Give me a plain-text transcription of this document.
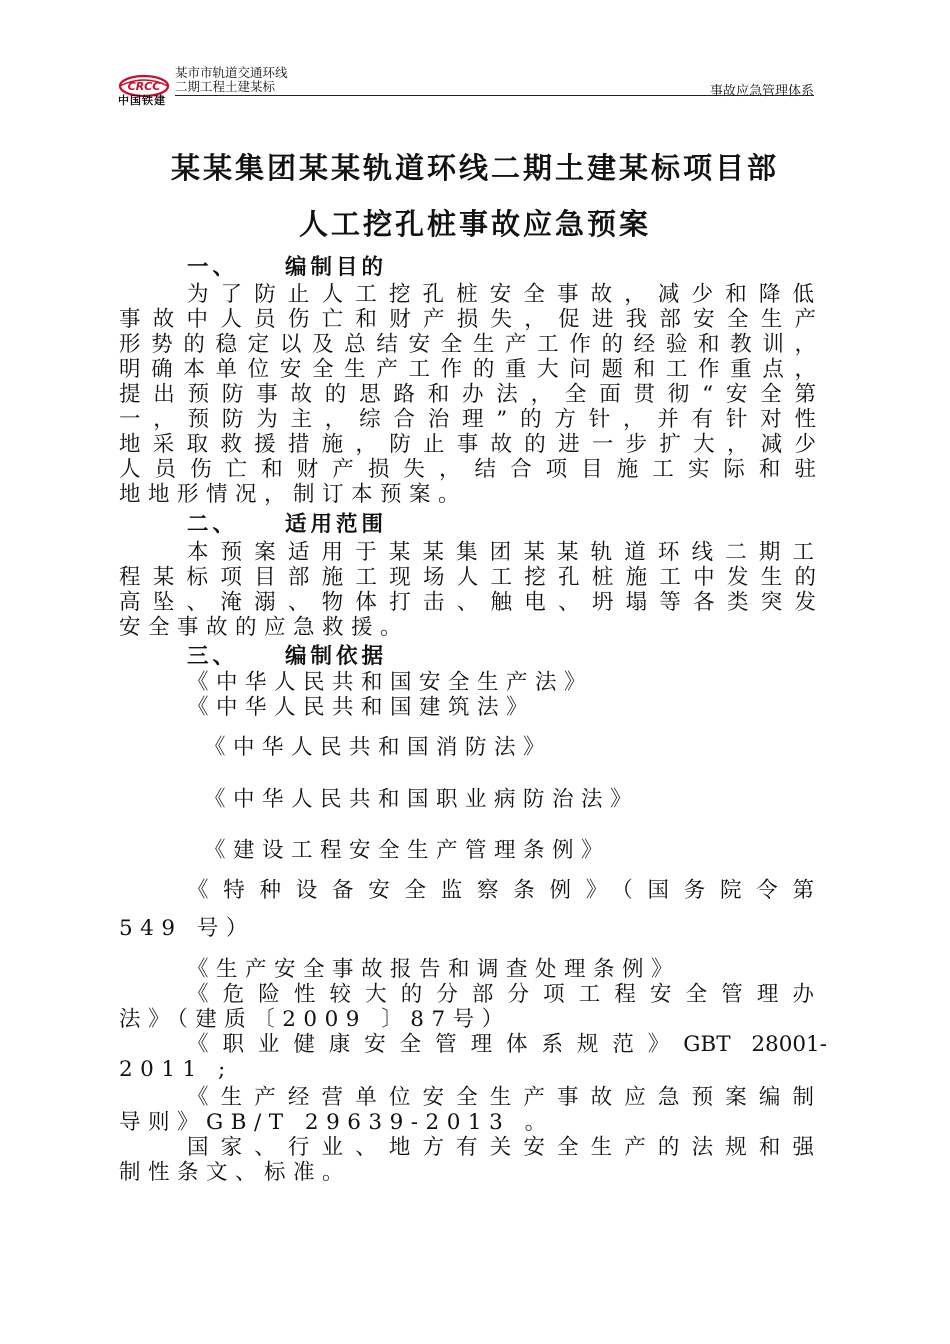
CRCC
中国铁建
某市市轨道交通环线
二期工程土建某标	事故应急管理体系
某某集团某某轨道环线二期土建某标项目部
人工挖孔桩事故应急预案
一、 编制目的
为了防止人工挖孔桩安全事故，减少和降低
事故中人员伤亡和财产损失，促进我部安全生产
形势的稳定以及总结安全生产工作的经验和教训，
明确本单位安全生产工作的重大问题和工作重点，
提出预防事故的思路和办法，全面贯彻“安全第
一，预防为主，综合治理”的方针，并有针对性
地采取救援措施，防止事故的进一步扩大，减少
人员伤亡和财产损失，结合项目施工实际和驻
地地形情况，制订本预案。
二、 适用范围
本预案适用于某某集团某某轨道环线二期工
程某标项目部施工现场人工挖孔桩施工中发生的
高坠、淹溺、物体打击、触电、坍塌等各类突发
安全事故的应急救援。
三、 编制依据
《中华人民共和国安全生产法》
《中华人民共和国建筑法》
《中华人民共和国消防法》
《中华人民共和国职业病防治法》
《建设工程安全生产管理条例》
《特种设备安全监察条例》（国务院令第
549 号）
《生产安全事故报告和调查处理条例》
《危险性较大的分部分项工程安全管理办
法》（建质〔2009 〕87号）
《职业健康安全管理体系规范》GBT 28001-
2011 ;
《生产经营单位安全生产事故应急预案编制
导则》GB/T 29639-2013 。
国家、行业、地方有关安全生产的法规和强
制性条文、标准。
